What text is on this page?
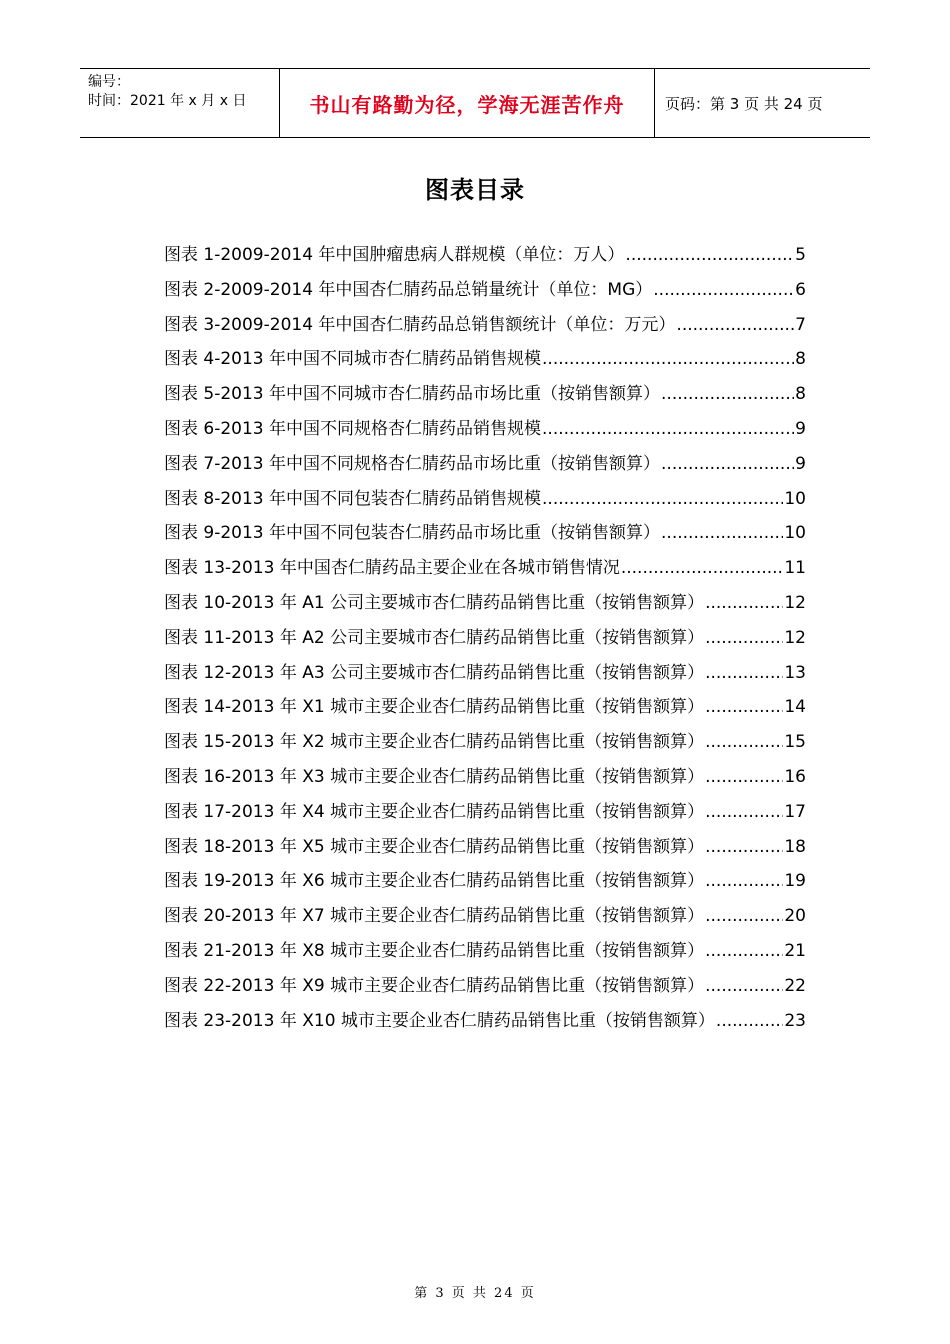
编号：
时间：2021 年 x 月 x 日	书山有路勤为径，学海无涯苦作舟	页码：第 3 页 共 24 页
图表目录
图表 1-2009-2014 年中国肿瘤患病人群规模（单位：万人） .....	5
图表 2-2009-2014 年中国杏仁腈药品总销量统计（单位：MG） .....	6
图表 3-2009-2014 年中国杏仁腈药品总销售额统计（单位：万元） .....	7
图表 4-2013 年中国不同城市杏仁腈药品销售规模 .....	8
图表 5-2013 年中国不同城市杏仁腈药品市场比重（按销售额算） .....	8
图表 6-2013 年中国不同规格杏仁腈药品销售规模 .....	9
图表 7-2013 年中国不同规格杏仁腈药品市场比重（按销售额算） .....	9
图表 8-2013 年中国不同包装杏仁腈药品销售规模 .....	10
图表 9-2013 年中国不同包装杏仁腈药品市场比重（按销售额算） .....	10
图表 13-2013 年中国杏仁腈药品主要企业在各城市销售情况 .....	11
图表 10-2013 年 A1 公司主要城市杏仁腈药品销售比重（按销售额算） .....	12
图表 11-2013 年 A2 公司主要城市杏仁腈药品销售比重（按销售额算） .....	12
图表 12-2013 年 A3 公司主要城市杏仁腈药品销售比重（按销售额算） .....	13
图表 14-2013 年 X1 城市主要企业杏仁腈药品销售比重（按销售额算） .....	14
图表 15-2013 年 X2 城市主要企业杏仁腈药品销售比重（按销售额算） .....	15
图表 16-2013 年 X3 城市主要企业杏仁腈药品销售比重（按销售额算） .....	16
图表 17-2013 年 X4 城市主要企业杏仁腈药品销售比重（按销售额算） .....	17
图表 18-2013 年 X5 城市主要企业杏仁腈药品销售比重（按销售额算） .....	18
图表 19-2013 年 X6 城市主要企业杏仁腈药品销售比重（按销售额算） .....	19
图表 20-2013 年 X7 城市主要企业杏仁腈药品销售比重（按销售额算） .....	20
图表 21-2013 年 X8 城市主要企业杏仁腈药品销售比重（按销售额算） .....	21
图表 22-2013 年 X9 城市主要企业杏仁腈药品销售比重（按销售额算） .....	22
图表 23-2013 年 X10 城市主要企业杏仁腈药品销售比重（按销售额算） .....	23
第 3 页 共 24 页
